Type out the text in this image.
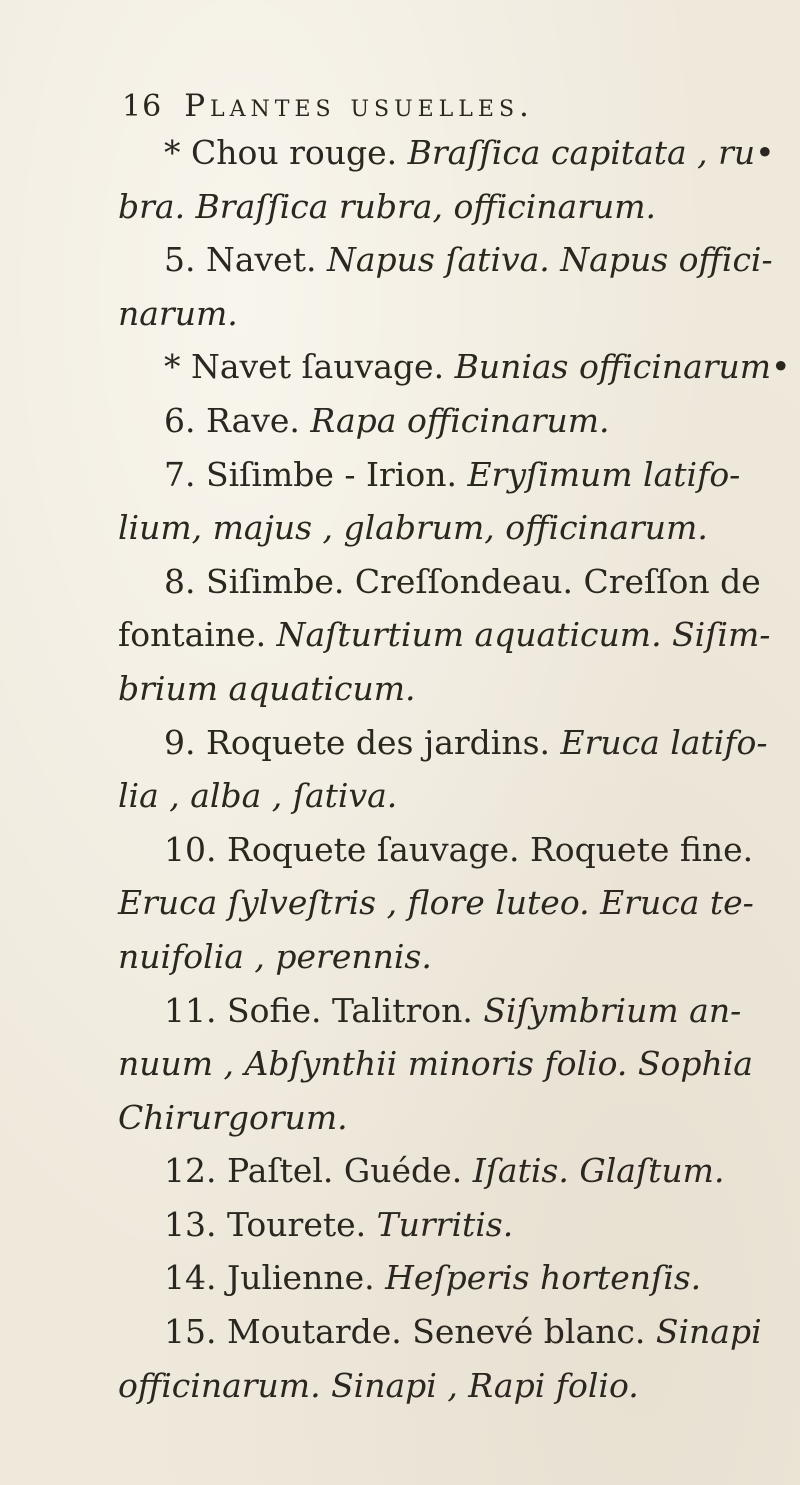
16 Plantes usuelles.
* Chou rouge. Braſſica capitata , ru•
bra. Braſſica rubra, officinarum.
5. Navet. Napus ſativa. Napus offici-
narum.
* Navet ſauvage. Bunias officinarum•
6. Rave. Rapa officinarum.
7. Siſimbe - Irion. Eryſimum latifo-
lium, majus , glabrum, officinarum.
8. Siſimbe. Creſſondeau. Creſſon de
fontaine. Naſturtium aquaticum. Siſim-
brium aquaticum.
9. Roquete des jardins. Eruca latifo-
lia , alba , ſativa.
10. Roquete ſauvage. Roquete fine.
Eruca ſylveſtris , flore luteo. Eruca te-
nuifolia , perennis.
11. Sofie. Talitron. Siſymbrium an-
nuum , Abſynthii minoris folio. Sophia
Chirurgorum.
12. Paſtel. Guéde. Iſatis. Glaſtum.
13. Tourete. Turritis.
14. Julienne. Heſperis hortenſis.
15. Moutarde. Senevé blanc. Sinapi
officinarum. Sinapi , Rapi folio.
